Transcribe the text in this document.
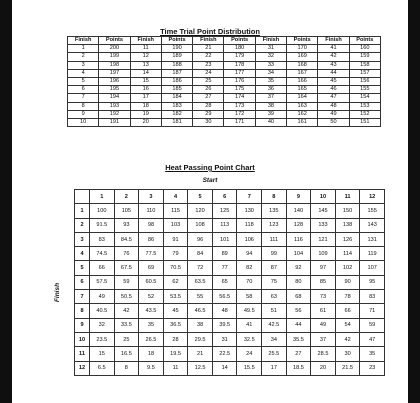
Time Trial Point Distribution
Finish	Points	Finish	Points	Finish	Points	Finish	Points	Finish	Points
1	200	11	190	21	180	31	170	41	160
2	199	12	189	22	179	32	169	42	159
3	198	13	188	23	178	33	168	43	158
4	197	14	187	24	177	34	167	44	157
5	196	15	186	25	176	35	166	45	156
6	195	16	185	26	175	36	165	46	155
7	194	17	184	27	174	37	164	47	154
8	193	18	183	28	173	38	163	48	153
9	192	19	182	29	172	39	162	49	152
10	191	20	181	30	171	40	161	50	151
Heat Passing Point Chart
Start
Finish
	1	2	3	4	5	6	7	8	9	10	11	12
1	100	105	110	115	120	125	130	135	140	145	150	155
2	91.5	93	98	103	108	113	118	123	128	133	138	143
3	83	84.5	86	91	96	101	106	111	116	121	126	131
4	74.5	76	77.5	79	84	89	94	99	104	109	114	119
5	66	67.5	69	70.5	72	77	82	87	92	97	102	107
6	57.5	59	60.5	62	63.5	65	70	75	80	85	90	95
7	49	50.5	52	53.5	55	56.5	58	63	68	73	78	83
8	40.5	42	43.5	45	46.5	48	49.5	51	56	61	66	71
9	32	33.5	35	36.5	38	39.5	41	42.5	44	49	54	59
10	23.5	25	26.5	28	29.5	31	32.5	34	35.5	37	42	47
11	15	16.5	18	19.5	21	22.5	24	25.5	27	28.5	30	35
12	6.5	8	9.5	11	12.5	14	15.5	17	18.5	20	21.5	23
